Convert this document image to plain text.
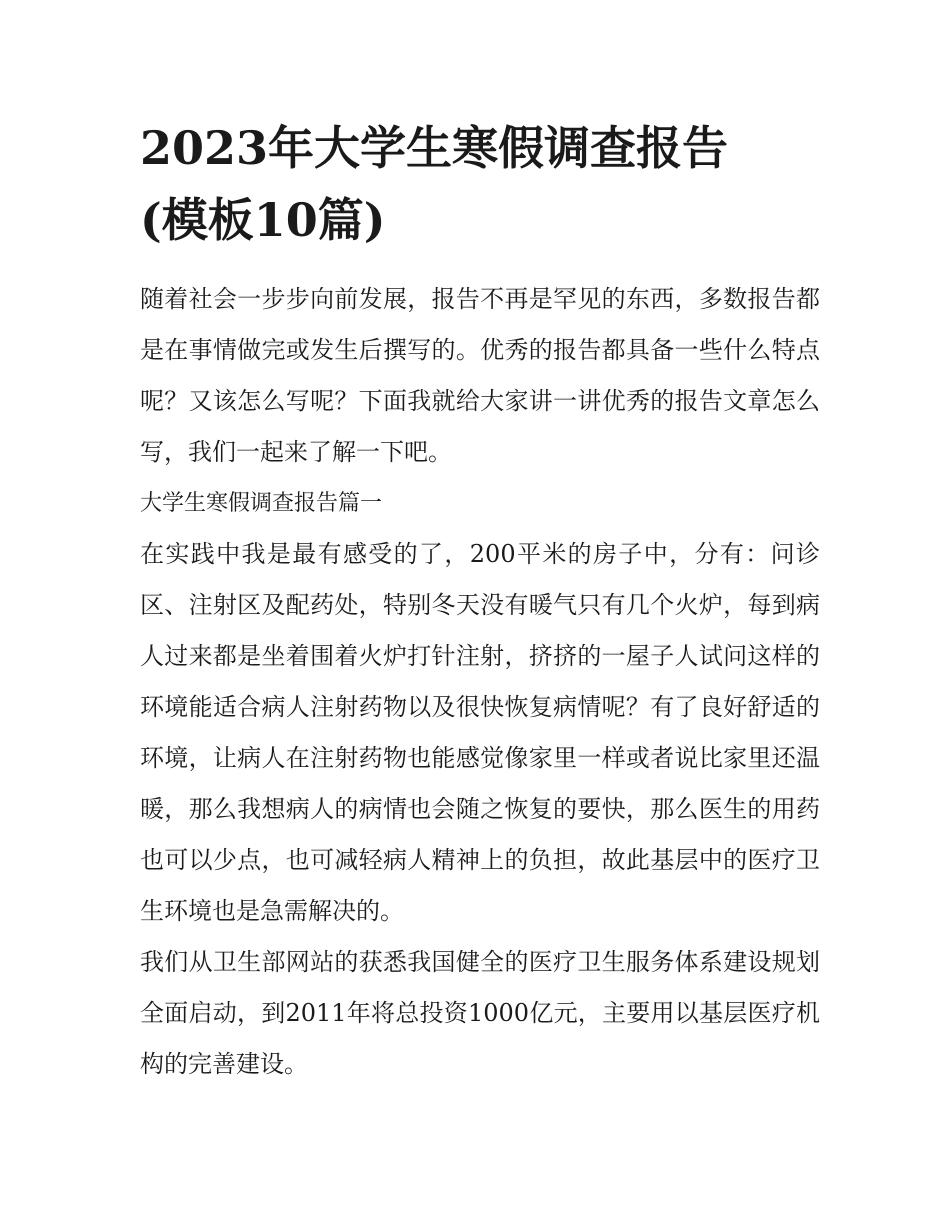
2023年大学生寒假调查报告
(模板10篇)

随着社会一步步向前发展，报告不再是罕见的东西，多数报告都是在事情做完或发生后撰写的。优秀的报告都具备一些什么特点呢？又该怎么写呢？下面我就给大家讲一讲优秀的报告文章怎么写，我们一起来了解一下吧。

大学生寒假调查报告篇一

在实践中我是最有感受的了，200平米的房子中，分有：问诊区、注射区及配药处，特别冬天没有暖气只有几个火炉，每到病人过来都是坐着围着火炉打针注射，挤挤的一屋子人试问这样的环境能适合病人注射药物以及很快恢复病情呢？有了良好舒适的环境，让病人在注射药物也能感觉像家里一样或者说比家里还温暖，那么我想病人的病情也会随之恢复的要快，那么医生的用药也可以少点，也可减轻病人精神上的负担，故此基层中的医疗卫生环境也是急需解决的。

我们从卫生部网站的获悉我国健全的医疗卫生服务体系建设规划全面启动，到2011年将总投资1000亿元，主要用以基层医疗机构的完善建设。
